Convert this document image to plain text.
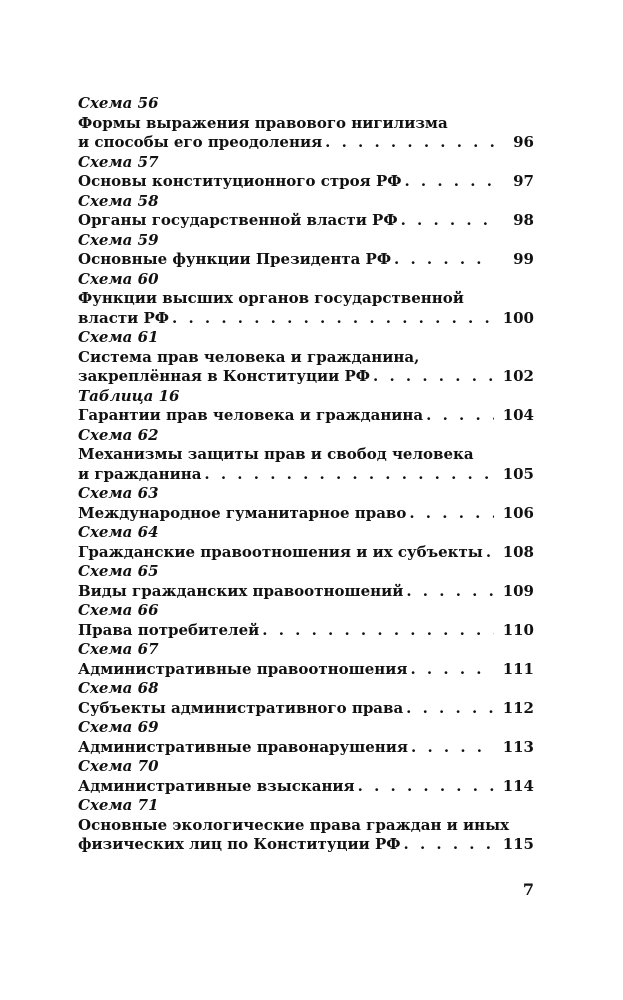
Схема 56
Формы выражения правового нигилизма
и способы его преодоления . . .	96
Схема 57
Основы конституционного строя РФ . . .	97
Схема 58
Органы государственной власти РФ . . .	98
Схема 59
Основные функции Президента РФ . . .	99
Схема 60
Функции высших органов государственной
власти РФ . . .	100
Схема 61
Система прав человека и гражданина,
закреплённая в Конституции РФ . . .	102
Таблица 16
Гарантии прав человека и гражданина . . .	104
Схема 62
Механизмы защиты прав и свобод человека
и гражданина . . .	105
Схема 63
Международное гуманитарное право . . .	106
Схема 64
Гражданские правоотношения и их субъекты . . . 108
Схема 65
Виды гражданских правоотношений . . .	109
Схема 66
Права потребителей . . .	110
Схема 67
Административные правоотношения . . .	111
Схема 68
Субъекты административного права . . .	112
Схема 69
Административные правонарушения . . .	113
Схема 70
Административные взыскания . . .	114
Схема 71
Основные экологические права граждан и иных
физических лиц по Конституции РФ . . .	115
7
